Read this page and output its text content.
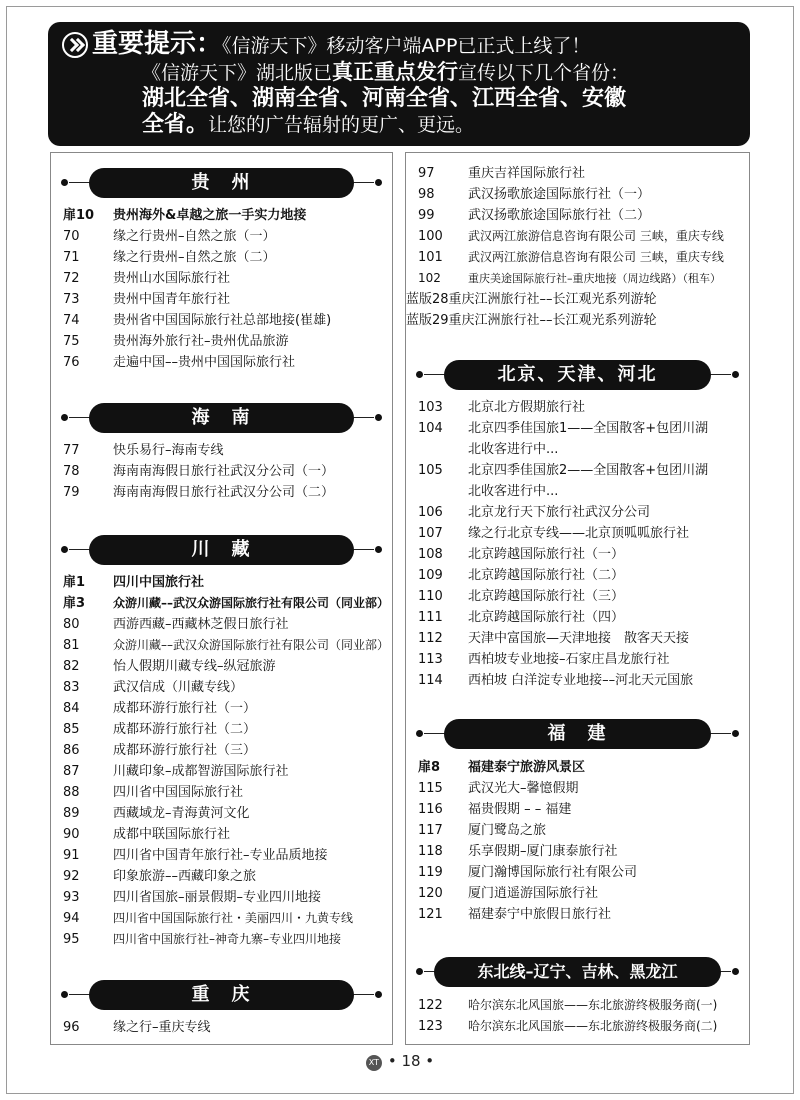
重要提示：《信游天下》移动客户端APP已正式上线了！
《信游天下》湖北版已真正重点发行宣传以下几个省份：
湖北全省、湖南全省、河南全省、江西全省、安徽
全省。让您的广告辐射的更广、更远。
贵　州
扉10	贵州海外&卓越之旅一手实力地接
70	缘之行贵州–自然之旅（一）
71	缘之行贵州–自然之旅（二）
72	贵州山水国际旅行社
73	贵州中国青年旅行社
74	贵州省中国国际旅行社总部地接(崔雄)
75	贵州海外旅行社–贵州优品旅游
76	走遍中国––贵州中国国际旅行社
海　南
77	快乐易行–海南专线
78	海南南海假日旅行社武汉分公司（一）
79	海南南海假日旅行社武汉分公司（二）
川　藏
扉1	四川中国旅行社
扉3	众游川藏––武汉众游国际旅行社有限公司（同业部）
80	西游西藏–西藏林芝假日旅行社
81	众游川藏––武汉众游国际旅行社有限公司（同业部）
82	怡人假期川藏专线–纵冠旅游
83	武汉信成（川藏专线）
84	成都环游行旅行社（一）
85	成都环游行旅行社（二）
86	成都环游行旅行社（三）
87	川藏印象–成都智游国际旅行社
88	四川省中国国际旅行社
89	西藏域龙–青海黄河文化
90	成都中联国际旅行社
91	四川省中国青年旅行社–专业品质地接
92	印象旅游––西藏印象之旅
93	四川省国旅–丽景假期–专业四川地接
94	四川省中国国际旅行社・美丽四川・九黄专线
95	四川省中国旅行社–神奇九寨–专业四川地接
重　庆
96	缘之行–重庆专线
97	重庆吉祥国际旅行社
98	武汉扬歌旅途国际旅行社（一）
99	武汉扬歌旅途国际旅行社（二）
100	武汉两江旅游信息咨询有限公司 三峡，重庆专线
101	武汉两江旅游信息咨询有限公司 三峡，重庆专线
102	重庆美途国际旅行社–重庆地接（周边线路）（租车）
蓝版28重庆江洲旅行社––长江观光系列游轮
蓝版29重庆江洲旅行社––长江观光系列游轮
北京、天津、河北
103	北京北方假期旅行社
104	北京四季佳国旅1——全国散客+包团川湖
北收客进行中...
105	北京四季佳国旅2——全国散客+包团川湖
北收客进行中...
106	北京龙行天下旅行社武汉分公司
107	缘之行北京专线——北京顶呱呱旅行社
108	北京跨越国际旅行社（一）
109	北京跨越国际旅行社（二）
110	北京跨越国际旅行社（三）
111	北京跨越国际旅行社（四）
112	天津中富国旅—天津地接　散客天天接
113	西柏坡专业地接–石家庄昌龙旅行社
114	西柏坡 白洋淀专业地接––河北天元国旅
福　建
扉8	福建泰宁旅游风景区
115	武汉光大–馨憶假期
116	福贵假期 – – 福建
117	厦门鹭岛之旅
118	乐享假期–厦门康泰旅行社
119	厦门瀚博国际旅行社有限公司
120	厦门逍遥游国际旅行社
121	福建泰宁中旅假日旅行社
东北线–辽宁、吉林、黑龙江
122	哈尔滨东北风国旅——东北旅游终极服务商(一)
123	哈尔滨东北风国旅——东北旅游终极服务商(二)
XT • 18 •
